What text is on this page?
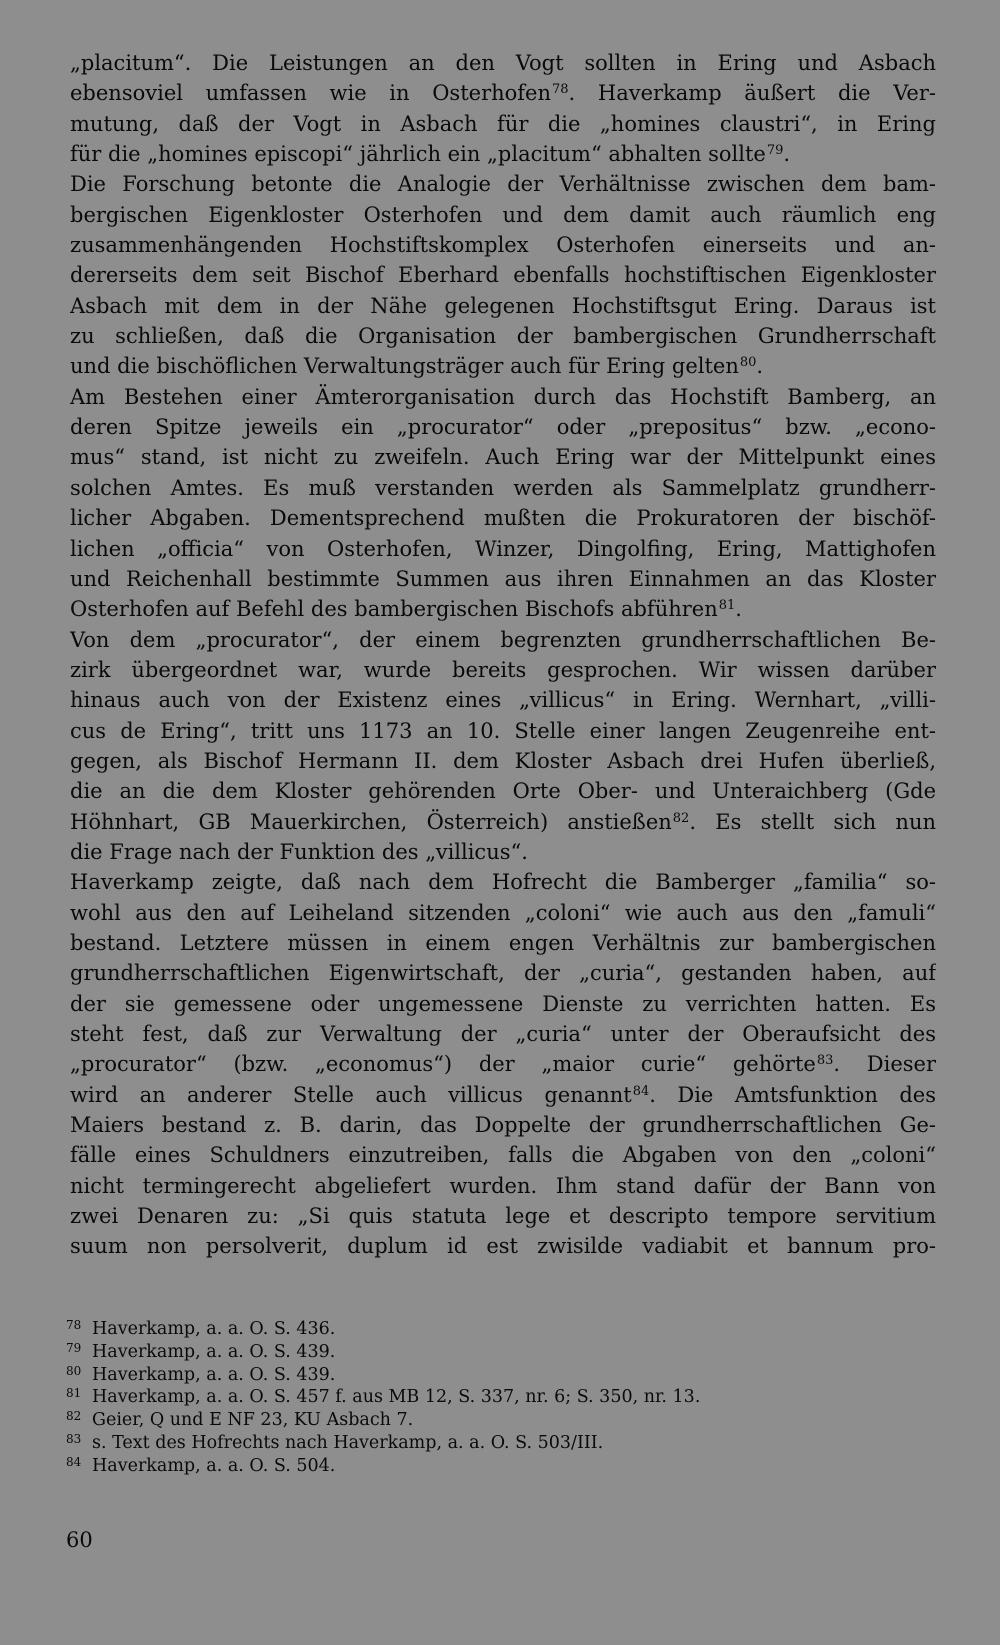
„placitum“. Die Leistungen an den Vogt sollten in Ering und Asbach
ebensoviel umfassen wie in Osterhofen$^{78}$. Haverkamp äußert die Ver-
mutung, daß der Vogt in Asbach für die „homines claustri“, in Ering
für die „homines episcopi“ jährlich ein „placitum“ abhalten sollte$^{79}$.
Die Forschung betonte die Analogie der Verhältnisse zwischen dem bam-
bergischen Eigenkloster Osterhofen und dem damit auch räumlich eng
zusammenhängenden Hochstiftskomplex Osterhofen einerseits und an-
dererseits dem seit Bischof Eberhard ebenfalls hochstiftischen Eigenkloster
Asbach mit dem in der Nähe gelegenen Hochstiftsgut Ering. Daraus ist
zu schließen, daß die Organisation der bambergischen Grundherrschaft
und die bischöflichen Verwaltungsträger auch für Ering gelten$^{80}$.
Am Bestehen einer Ämterorganisation durch das Hochstift Bamberg, an
deren Spitze jeweils ein „procurator“ oder „prepositus“ bzw. „econo-
mus“ stand, ist nicht zu zweifeln. Auch Ering war der Mittelpunkt eines
solchen Amtes. Es muß verstanden werden als Sammelplatz grundherr-
licher Abgaben. Dementsprechend mußten die Prokuratoren der bischöf-
lichen „officia“ von Osterhofen, Winzer, Dingolfing, Ering, Mattighofen
und Reichenhall bestimmte Summen aus ihren Einnahmen an das Kloster
Osterhofen auf Befehl des bambergischen Bischofs abführen$^{81}$.
Von dem „procurator“, der einem begrenzten grundherrschaftlichen Be-
zirk übergeordnet war, wurde bereits gesprochen. Wir wissen darüber
hinaus auch von der Existenz eines „villicus“ in Ering. Wernhart, „villi-
cus de Ering“, tritt uns 1173 an 10. Stelle einer langen Zeugenreihe ent-
gegen, als Bischof Hermann II. dem Kloster Asbach drei Hufen überließ,
die an die dem Kloster gehörenden Orte Ober- und Unteraichberg (Gde
Höhnhart, GB Mauerkirchen, Österreich) anstießen$^{82}$. Es stellt sich nun
die Frage nach der Funktion des „villicus“.
Haverkamp zeigte, daß nach dem Hofrecht die Bamberger „familia“ so-
wohl aus den auf Leiheland sitzenden „coloni“ wie auch aus den „famuli“
bestand. Letztere müssen in einem engen Verhältnis zur bambergischen
grundherrschaftlichen Eigenwirtschaft, der „curia“, gestanden haben, auf
der sie gemessene oder ungemessene Dienste zu verrichten hatten. Es
steht fest, daß zur Verwaltung der „curia“ unter der Oberaufsicht des
„procurator“ (bzw. „economus“) der „maior curie“ gehörte$^{83}$. Dieser
wird an anderer Stelle auch villicus genannt$^{84}$. Die Amtsfunktion des
Maiers bestand z. B. darin, das Doppelte der grundherrschaftlichen Ge-
fälle eines Schuldners einzutreiben, falls die Abgaben von den „coloni“
nicht termingerecht abgeliefert wurden. Ihm stand dafür der Bann von
zwei Denaren zu: „Si quis statuta lege et descripto tempore servitium
suum non persolverit, duplum id est zwisilde vadiabit et bannum pro-
78 Haverkamp, a. a. O. S. 436.
79 Haverkamp, a. a. O. S. 439.
80 Haverkamp, a. a. O. S. 439.
81 Haverkamp, a. a. O. S. 457 f. aus MB 12, S. 337, nr. 6; S. 350, nr. 13.
82 Geier, Q und E NF 23, KU Asbach 7.
83 s. Text des Hofrechts nach Haverkamp, a. a. O. S. 503/III.
84 Haverkamp, a. a. O. S. 504.
60
